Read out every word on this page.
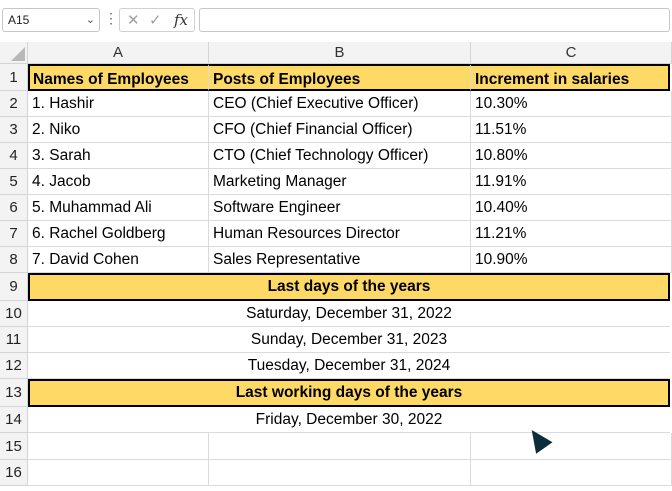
A15	⌄ ⋮ ✕ ✓ fx
A	B	C
1
2
3
4
5
6
7
8
9
10
11
12
13
14
15
16
Names of Employees	Posts of Employees	Increment in salaries
1. Hashir	CEO (Chief Executive Officer)	10.30%
2. Niko	CFO (Chief Financial Officer)	11.51%
3. Sarah	CTO (Chief Technology Officer)	10.80%
4. Jacob	Marketing Manager	11.91%
5. Muhammad Ali	Software Engineer	10.40%
6. Rachel Goldberg	Human Resources Director	11.21%
7. David Cohen	Sales Representative	10.90%
Last days of the years
Saturday, December 31, 2022
Sunday, December 31, 2023
Tuesday, December 31, 2024
Last working days of the years
Friday, December 30, 2022
